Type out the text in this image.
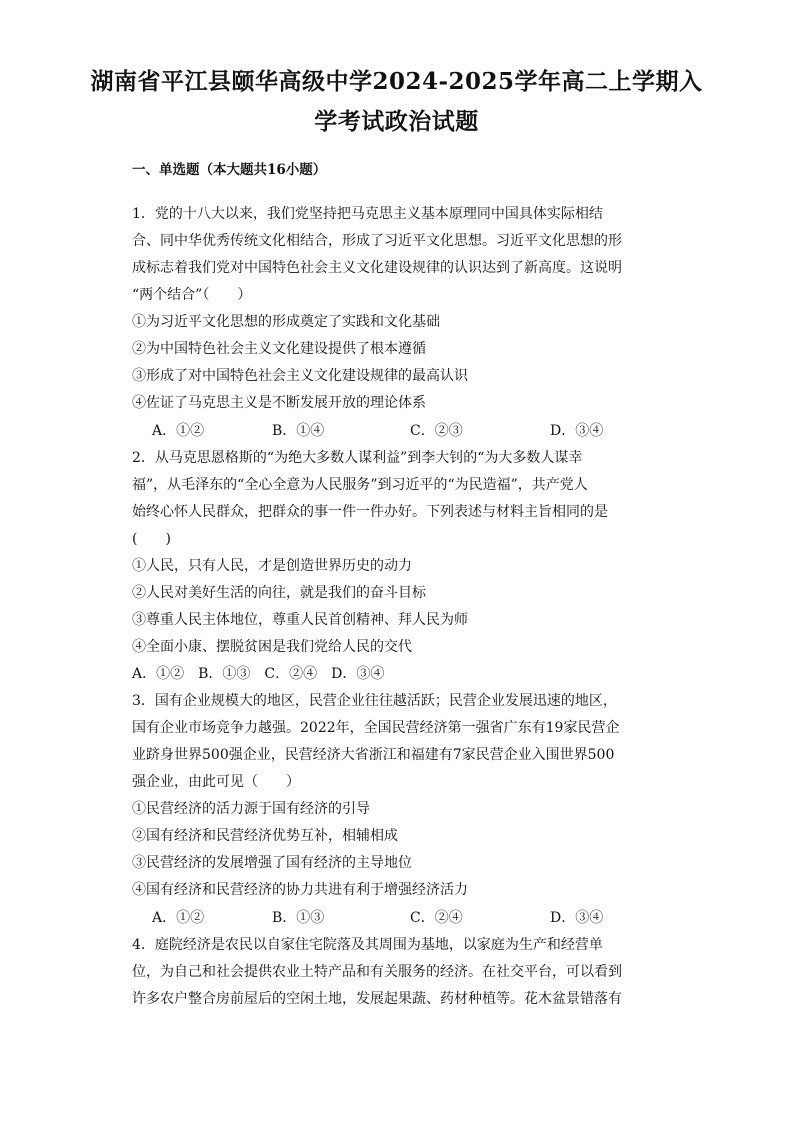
湖南省平江县颐华高级中学2024-2025学年高二上学期入
学考试政治试题
一、单选题（本大题共16小题）
1．党的十八大以来，我们党坚持把马克思主义基本原理同中国具体实际相结
合、同中华优秀传统文化相结合，形成了习近平文化思想。习近平文化思想的形
成标志着我们党对中国特色社会主义文化建设规律的认识达到了新高度。这说明
“两个结合”（　　）
①为习近平文化思想的形成奠定了实践和文化基础
②为中国特色社会主义文化建设提供了根本遵循
③形成了对中国特色社会主义文化建设规律的最高认识
④佐证了马克思主义是不断发展开放的理论体系
A．①②	B．①④	C．②③	D．③④
2．从马克思恩格斯的“为绝大多数人谋利益”到李大钊的“为大多数人谋幸
福”，从毛泽东的“全心全意为人民服务”到习近平的“为民造福”，共产党人
始终心怀人民群众，把群众的事一件一件办好。下列表述与材料主旨相同的是
(　　)
①人民，只有人民，才是创造世界历史的动力
②人民对美好生活的向往，就是我们的奋斗目标
③尊重人民主体地位，尊重人民首创精神、拜人民为师
④全面小康、摆脱贫困是我们党给人民的交代
A．①②　B．①③　C．②④　D．③④
3．国有企业规模大的地区，民营企业往往越活跃；民营企业发展迅速的地区，
国有企业市场竞争力越强。2022年，全国民营经济第一强省广东有19家民营企
业跻身世界500强企业，民营经济大省浙江和福建有7家民营企业入围世界500
强企业，由此可见（　　）
①民营经济的活力源于国有经济的引导
②国有经济和民营经济优势互补，相辅相成
③民营经济的发展增强了国有经济的主导地位
④国有经济和民营经济的协力共进有利于增强经济活力
A．①②	B．①③	C．②④	D．③④
4．庭院经济是农民以自家住宅院落及其周围为基地，以家庭为生产和经营单
位，为自己和社会提供农业土特产品和有关服务的经济。在社交平台，可以看到
许多农户整合房前屋后的空闲土地，发展起果蔬、药材种植等。花木盆景错落有
